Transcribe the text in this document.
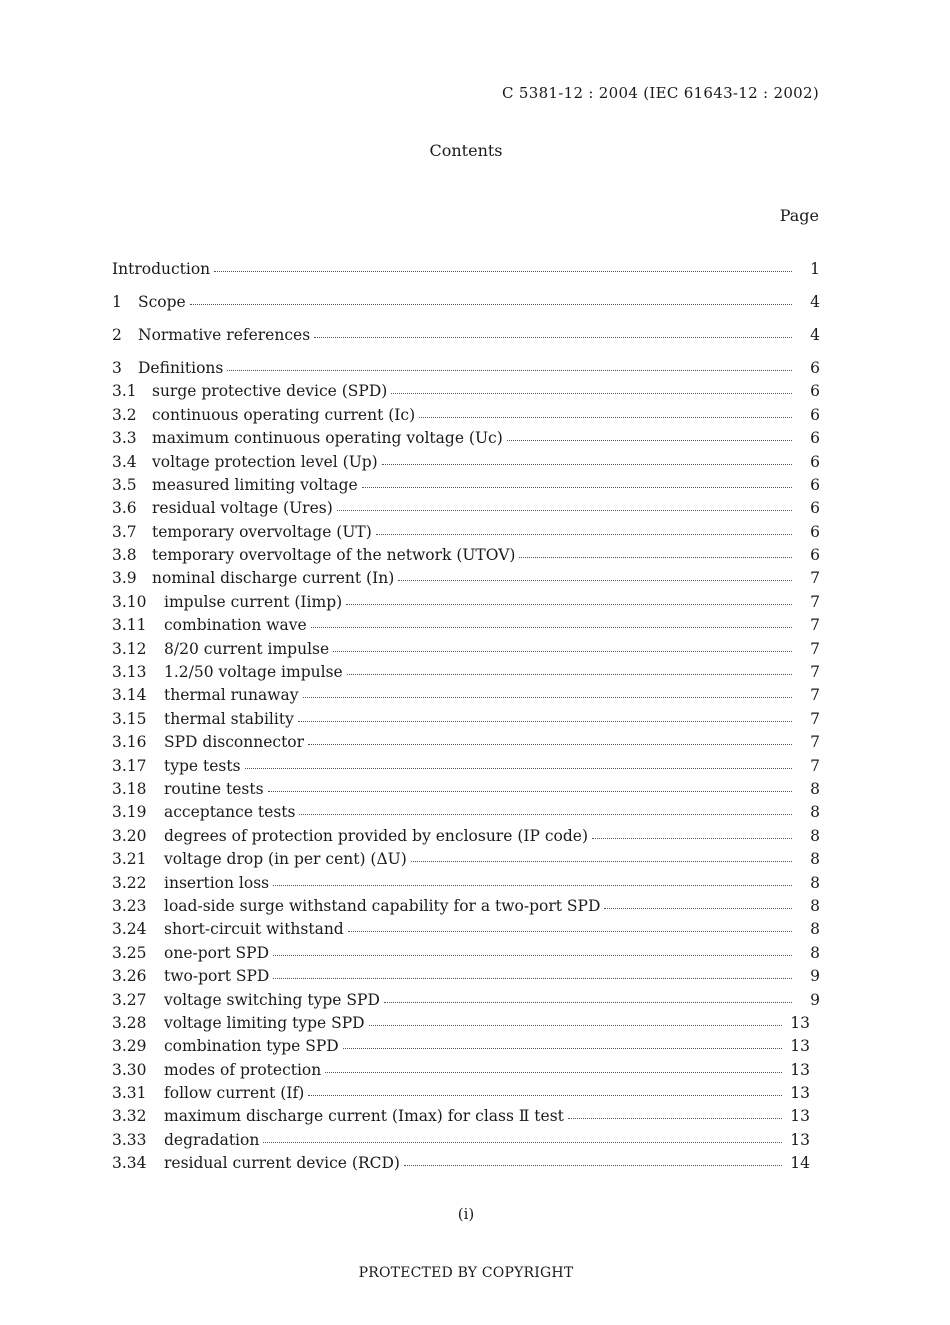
C 5381-12 : 2004 (IEC 61643-12 : 2002)
Contents
Page
Introduction	1
1	Scope	4
2	Normative references	4
3	Definitions	6
3.1 surge protective device (SPD)	6
3.2 continuous operating current (Ic)	6
3.3 maximum continuous operating voltage (Uc)	6
3.4 voltage protection level (Up)	6
3.5 measured limiting voltage	6
3.6 residual voltage (Ures)	6
3.7 temporary overvoltage (UT)	6
3.8 temporary overvoltage of the network (UTOV)	6
3.9 nominal discharge current (In)	7
3.10	impulse current (Iimp)	7
3.11	combination wave	7
3.12	8/20 current impulse	7
3.13	1.2/50 voltage impulse	7
3.14	thermal runaway	7
3.15	thermal stability	7
3.16	SPD disconnector	7
3.17	type tests	7
3.18	routine tests	8
3.19	acceptance tests	8
3.20	degrees of protection provided by enclosure (IP code)	8
3.21	voltage drop (in per cent) (ΔU)	8
3.22	insertion loss	8
3.23	load-side surge withstand capability for a two-port SPD	8
3.24	short-circuit withstand	8
3.25	one-port SPD	8
3.26	two-port SPD	9
3.27	voltage switching type SPD	9
3.28	voltage limiting type SPD	13
3.29	combination type SPD	13
3.30	modes of protection	13
3.31	follow current (If)	13
3.32	maximum discharge current (Imax) for class Ⅱ test	13
3.33	degradation	13
3.34	residual current device (RCD)	14
(i)
PROTECTED BY COPYRIGHT
